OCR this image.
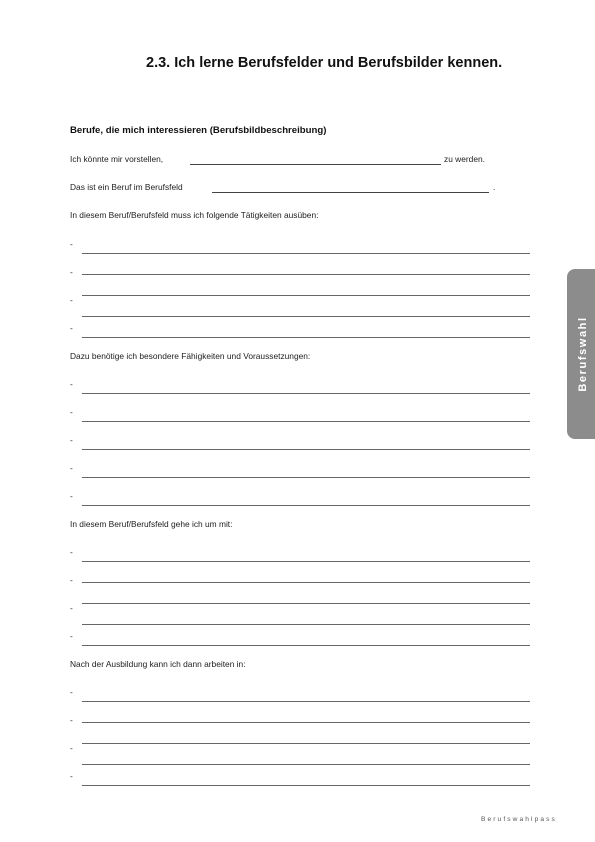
2.3. Ich lerne Berufsfelder und Berufsbilder kennen.
Berufe, die mich interessieren (Berufsbildbeschreibung)
Ich könnte mir vorstellen,	zu werden.
Das ist ein Beruf im Berufsfeld	.
In diesem Beruf/Berufsfeld muss ich folgende Tätigkeiten ausüben:
-
-
-
-
Dazu benötige ich besondere Fähigkeiten und Voraussetzungen:
-
-
-
-
-
In diesem Beruf/Berufsfeld gehe ich um mit:
-
-
-
-
Nach der Ausbildung kann ich dann arbeiten in:
-
-
-
-
Berufswahl
Berufswahlpass
